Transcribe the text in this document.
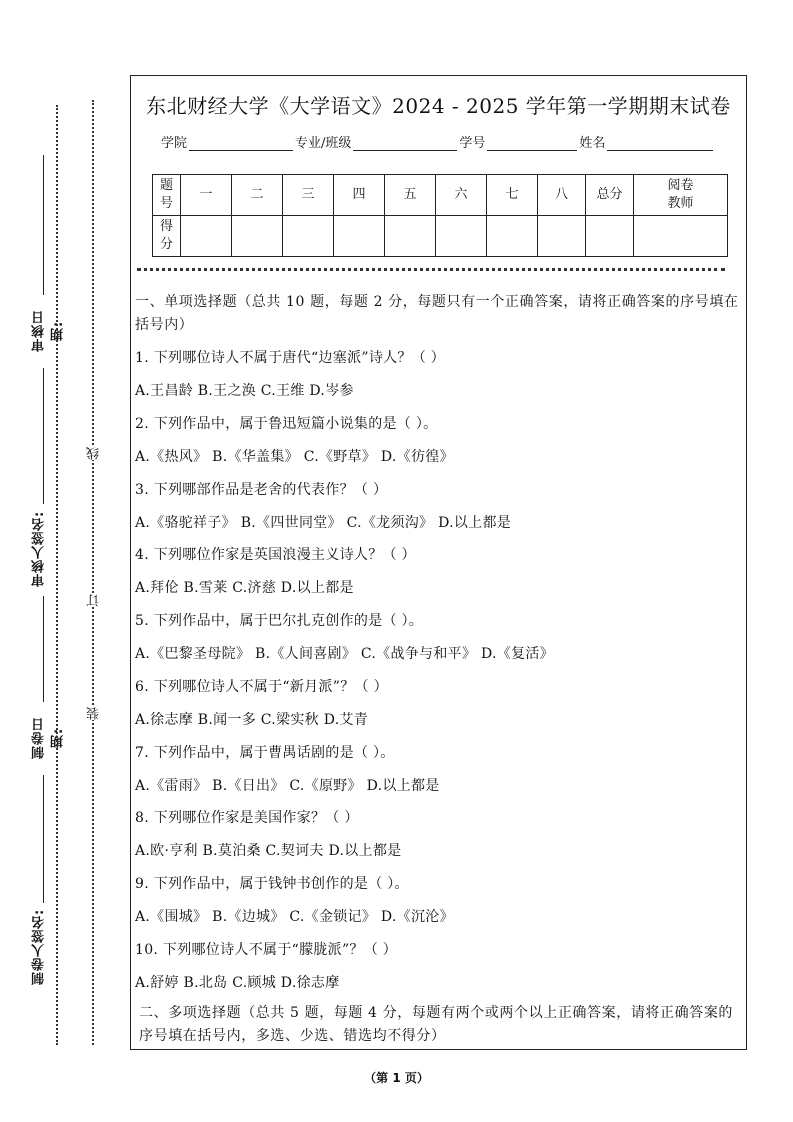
审核日期:
审核人签名:
制卷日期:
制卷人签名:
线
订
装
东北财经大学《大学语文》2024 - 2025 学年第一学期期末试卷
学院	专业/班级	学号	姓名
题号	一	二	三	四	五	六	七	八	总分	阅卷教师
得分										
一、单项选择题（总共 10 题，每题 2 分，每题只有一个正确答案，请将正确答案的序号填在括号内）
1. 下列哪位诗人不属于唐代“边塞派”诗人？（ ）
A.王昌龄 B.王之涣 C.王维 D.岑参
2. 下列作品中，属于鲁迅短篇小说集的是（ ）。
A.《热风》 B.《华盖集》 C.《野草》 D.《彷徨》
3. 下列哪部作品是老舍的代表作？（ ）
A.《骆驼祥子》 B.《四世同堂》 C.《龙须沟》 D.以上都是
4. 下列哪位作家是英国浪漫主义诗人？（ ）
A.拜伦 B.雪莱 C.济慈 D.以上都是
5. 下列作品中，属于巴尔扎克创作的是（ ）。
A.《巴黎圣母院》 B.《人间喜剧》 C.《战争与和平》 D.《复活》
6. 下列哪位诗人不属于“新月派”？（ ）
A.徐志摩 B.闻一多 C.梁实秋 D.艾青
7. 下列作品中，属于曹禺话剧的是（ ）。
A.《雷雨》 B.《日出》 C.《原野》 D.以上都是
8. 下列哪位作家是美国作家？（ ）
A.欧·亨利 B.莫泊桑 C.契诃夫 D.以上都是
9. 下列作品中，属于钱钟书创作的是（ ）。
A.《围城》 B.《边城》 C.《金锁记》 D.《沉沦》
10. 下列哪位诗人不属于“朦胧派”？（ ）
A.舒婷 B.北岛 C.顾城 D.徐志摩
二、多项选择题（总共 5 题，每题 4 分，每题有两个或两个以上正确答案，请将正确答案的序号填在括号内，多选、少选、错选均不得分）
（第 1 页）
